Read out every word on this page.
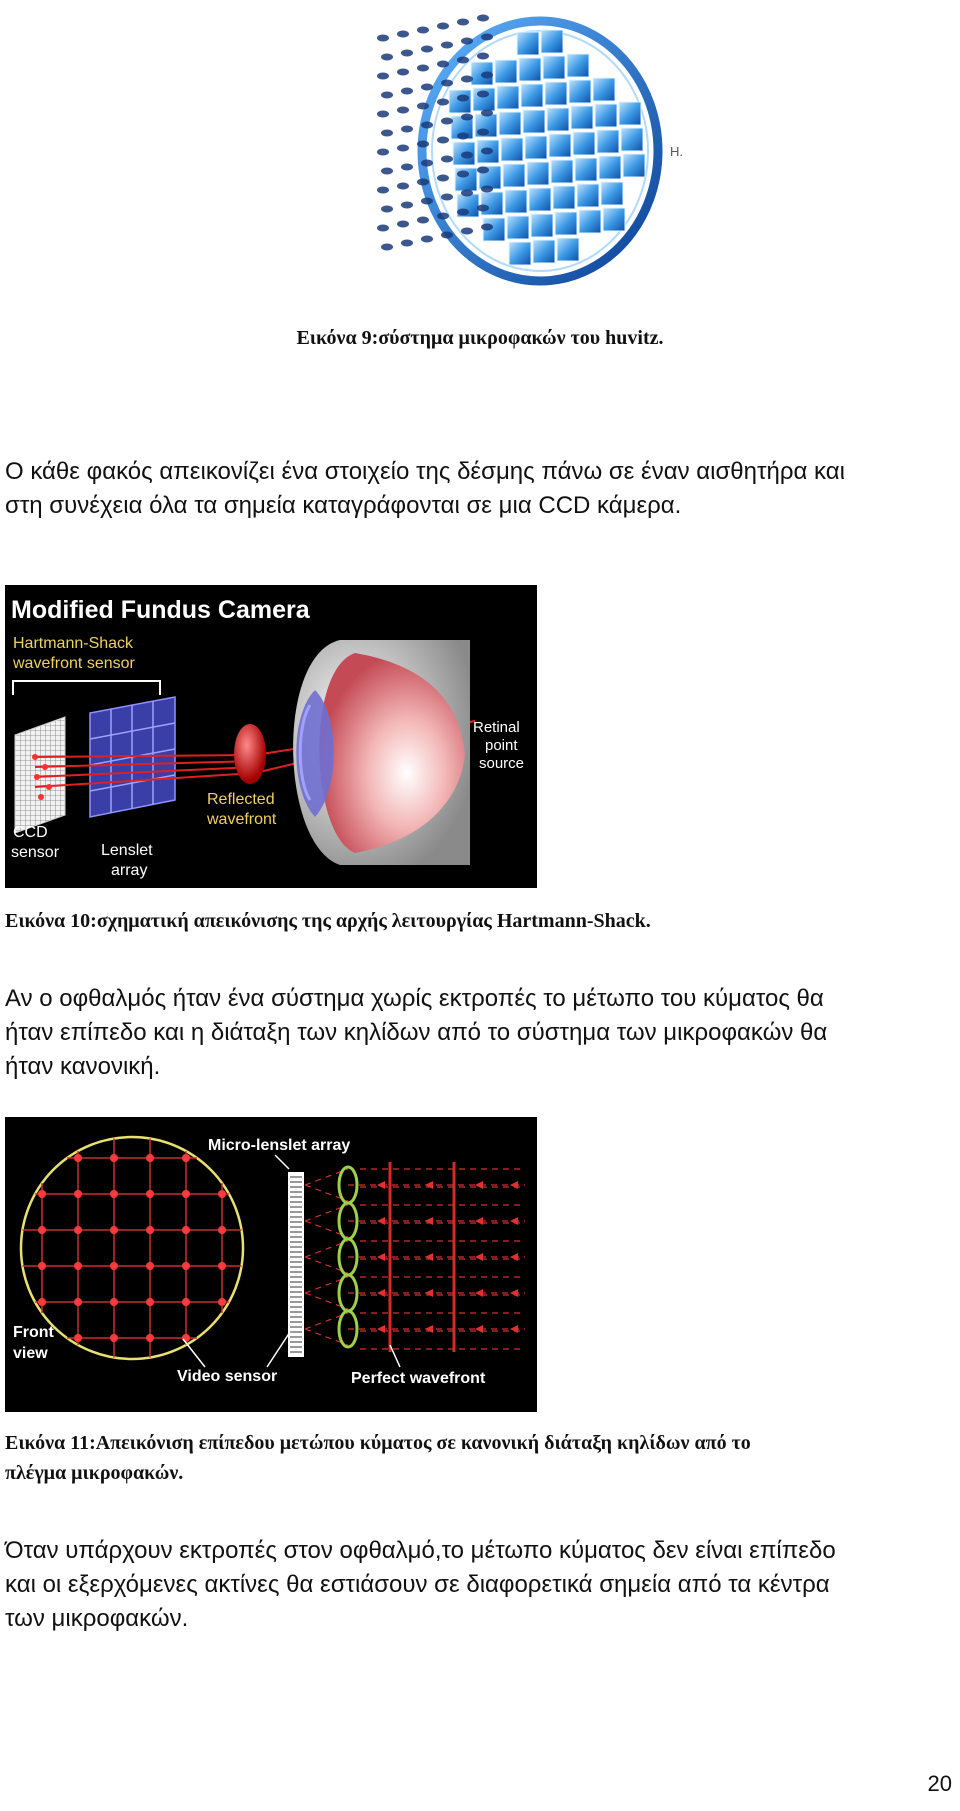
H.
Εικόνα 9:σύστημα μικροφακών του huvitz.
Ο κάθε φακός απεικονίζει ένα στοιχείο της δέσμης πάνω σε έναν αισθητήρα και
στη συνέχεια όλα τα σημεία καταγράφονται σε μια CCD κάμερα.
Modified Fundus Camera
Hartmann-Shack
wavefront sensor
Retinal
point
source
Reflected
wavefront
CCD
sensor	Lenslet
array
Εικόνα 10:σχηματική απεικόνισης της αρχής λειτουργίας Hartmann-Shack.
Αν ο οφθαλμός ήταν ένα σύστημα χωρίς εκτροπές το μέτωπο του κύματος θα
ήταν επίπεδο και η διάταξη των κηλίδων από το σύστημα των μικροφακών θα
ήταν κανονική.
Micro-lenslet array
Front
view
Video sensor	Perfect wavefront
Εικόνα 11:Απεικόνιση επίπεδου μετώπου κύματος σε κανονική διάταξη κηλίδων από το
πλέγμα μικροφακών.
Όταν υπάρχουν εκτροπές στον οφθαλμό,το μέτωπο κύματος δεν είναι επίπεδο
και οι εξερχόμενες ακτίνες θα εστιάσουν σε διαφορετικά σημεία από τα κέντρα
των μικροφακών.
20
